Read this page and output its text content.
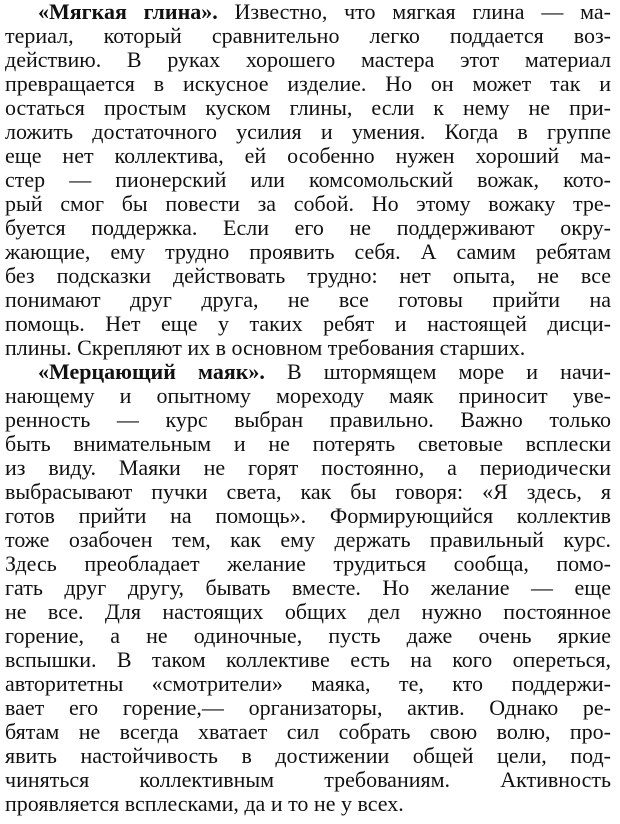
«Мягкая глина». Известно, что мягкая глина — ма-
териал, который сравнительно легко поддается воз-
действию. В руках хорошего мастера этот материал
превращается в искусное изделие. Но он может так и
остаться простым куском глины, если к нему не при-
ложить достаточного усилия и умения. Когда в группе
еще нет коллектива, ей особенно нужен хороший ма-
стер — пионерский или комсомольский вожак, кото-
рый смог бы повести за собой. Но этому вожаку тре-
буется поддержка. Если его не поддерживают окру-
жающие, ему трудно проявить себя. А самим ребятам
без подсказки действовать трудно: нет опыта, не все
понимают друг друга, не все готовы прийти на
помощь. Нет еще у таких ребят и настоящей дисци-
плины. Скрепляют их в основном требования старших.
«Мерцающий маяк». В штормящем море и начи-
нающему и опытному мореходу маяк приносит уве-
ренность — курс выбран правильно. Важно только
быть внимательным и не потерять световые всплески
из виду. Маяки не горят постоянно, а периодически
выбрасывают пучки света, как бы говоря: «Я здесь, я
готов прийти на помощь». Формирующийся коллектив
тоже озабочен тем, как ему держать правильный курс.
Здесь преобладает желание трудиться сообща, помо-
гать друг другу, бывать вместе. Но желание — еще
не все. Для настоящих общих дел нужно постоянное
горение, а не одиночные, пусть даже очень яркие
вспышки. В таком коллективе есть на кого опереться,
авторитетны «смотрители» маяка, те, кто поддержи-
вает его горение,— организаторы, актив. Однако ре-
бятам не всегда хватает сил собрать свою волю, про-
явить настойчивость в достижении общей цели, под-
чиняться коллективным требованиям. Активность
проявляется всплесками, да и то не у всех.
